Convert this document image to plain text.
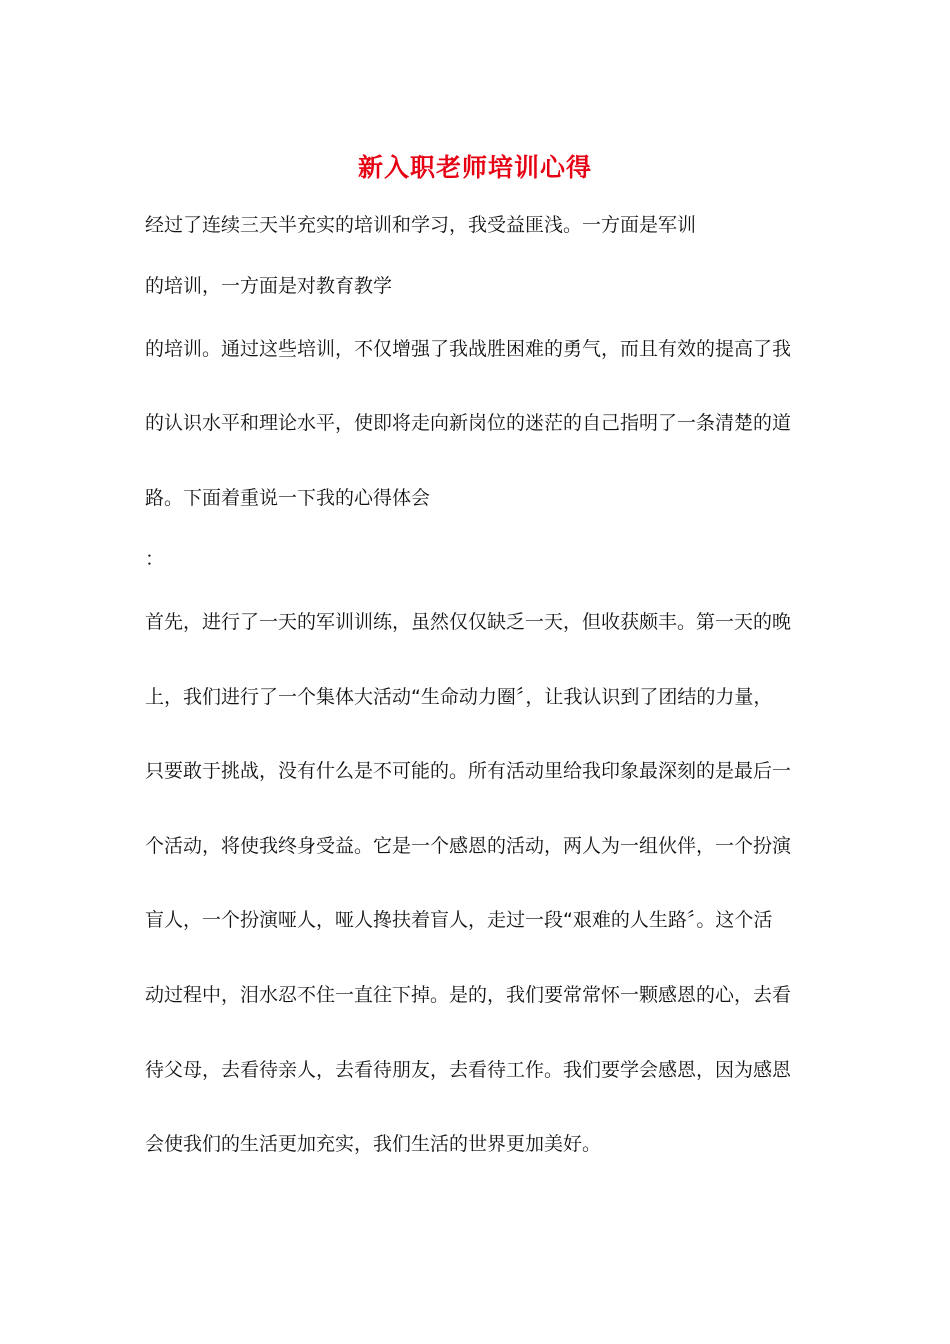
新入职老师培训心得
经过了连续三天半充实的培训和学习，我受益匪浅。一方面是军训
的培训，一方面是对教育教学
的培训。通过这些培训，不仅增强了我战胜困难的勇气，而且有效的提高了我
的认识水平和理论水平，使即将走向新岗位的迷茫的自己指明了一条清楚的道
路。下面着重说一下我的心得体会
：
首先，进行了一天的军训训练，虽然仅仅缺乏一天，但收获颇丰。第一天的晚
上，我们进行了一个集体大活动“生命动力圈〞，让我认识到了团结的力量，
只要敢于挑战，没有什么是不可能的。所有活动里给我印象最深刻的是最后一
个活动，将使我终身受益。它是一个感恩的活动，两人为一组伙伴，一个扮演
盲人，一个扮演哑人，哑人搀扶着盲人，走过一段“艰难的人生路〞。这个活
动过程中，泪水忍不住一直往下掉。是的，我们要常常怀一颗感恩的心，去看
待父母，去看待亲人，去看待朋友，去看待工作。我们要学会感恩，因为感恩
会使我们的生活更加充实，我们生活的世界更加美好。
